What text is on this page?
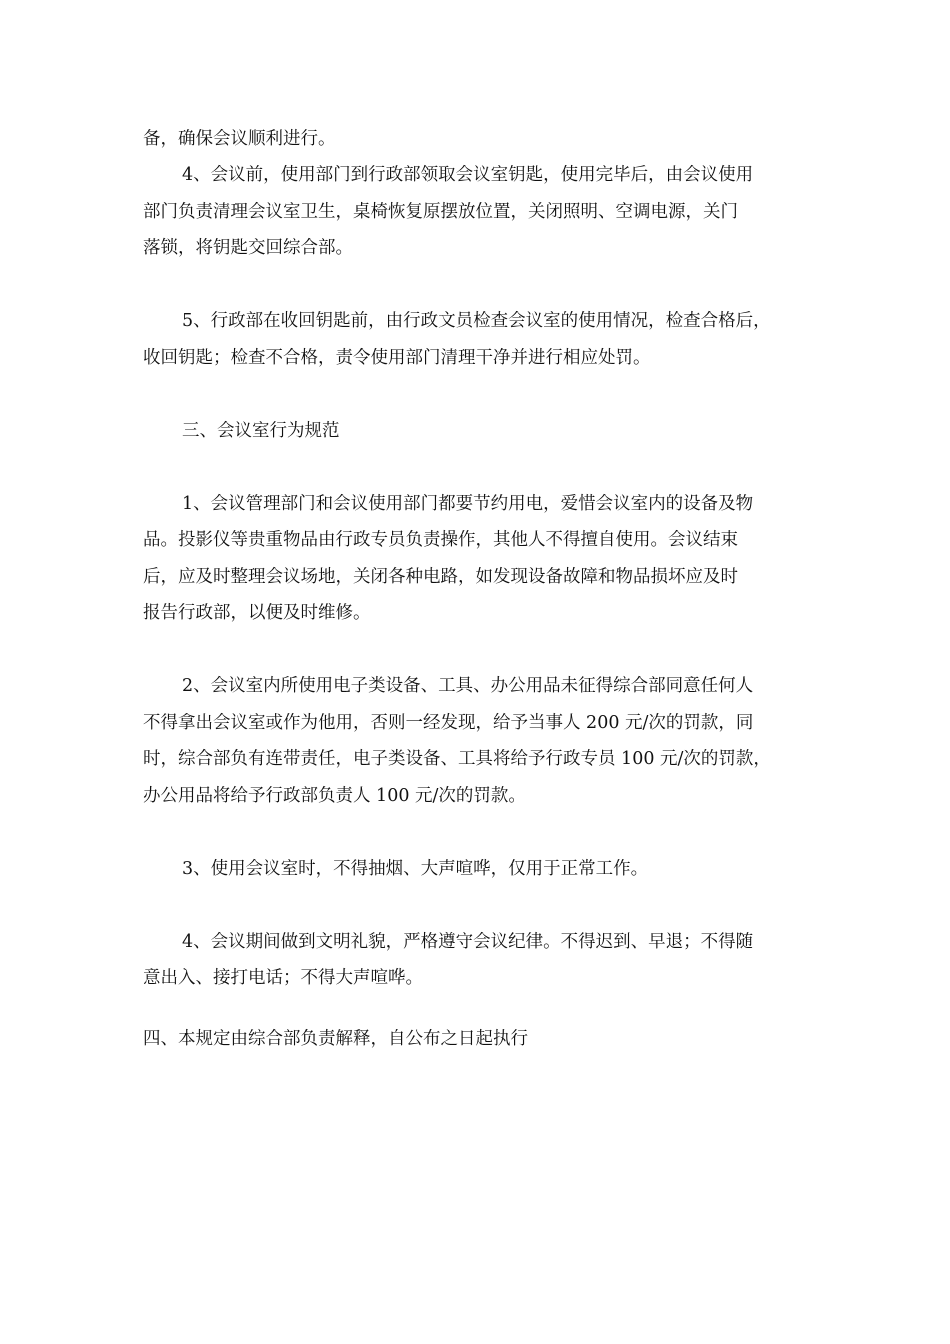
备，确保会议顺利进行。
4、会议前，使用部门到行政部领取会议室钥匙，使用完毕后，由会议使用
部门负责清理会议室卫生，桌椅恢复原摆放位置，关闭照明、空调电源，关门
落锁，将钥匙交回综合部。
5、行政部在收回钥匙前，由行政文员检查会议室的使用情况，检查合格后，
收回钥匙；检查不合格，责令使用部门清理干净并进行相应处罚。
三、会议室行为规范
1、会议管理部门和会议使用部门都要节约用电，爱惜会议室内的设备及物
品。投影仪等贵重物品由行政专员负责操作，其他人不得擅自使用。会议结束
后，应及时整理会议场地，关闭各种电路，如发现设备故障和物品损坏应及时
报告行政部，以便及时维修。
2、会议室内所使用电子类设备、工具、办公用品未征得综合部同意任何人
不得拿出会议室或作为他用，否则一经发现，给予当事人 200 元/次的罚款，同
时，综合部负有连带责任，电子类设备、工具将给予行政专员 100 元/次的罚款，
办公用品将给予行政部负责人 100 元/次的罚款。
3、使用会议室时，不得抽烟、大声喧哗，仅用于正常工作。
4、会议期间做到文明礼貌，严格遵守会议纪律。不得迟到、早退；不得随
意出入、接打电话；不得大声喧哗。
四、本规定由综合部负责解释，自公布之日起执行
